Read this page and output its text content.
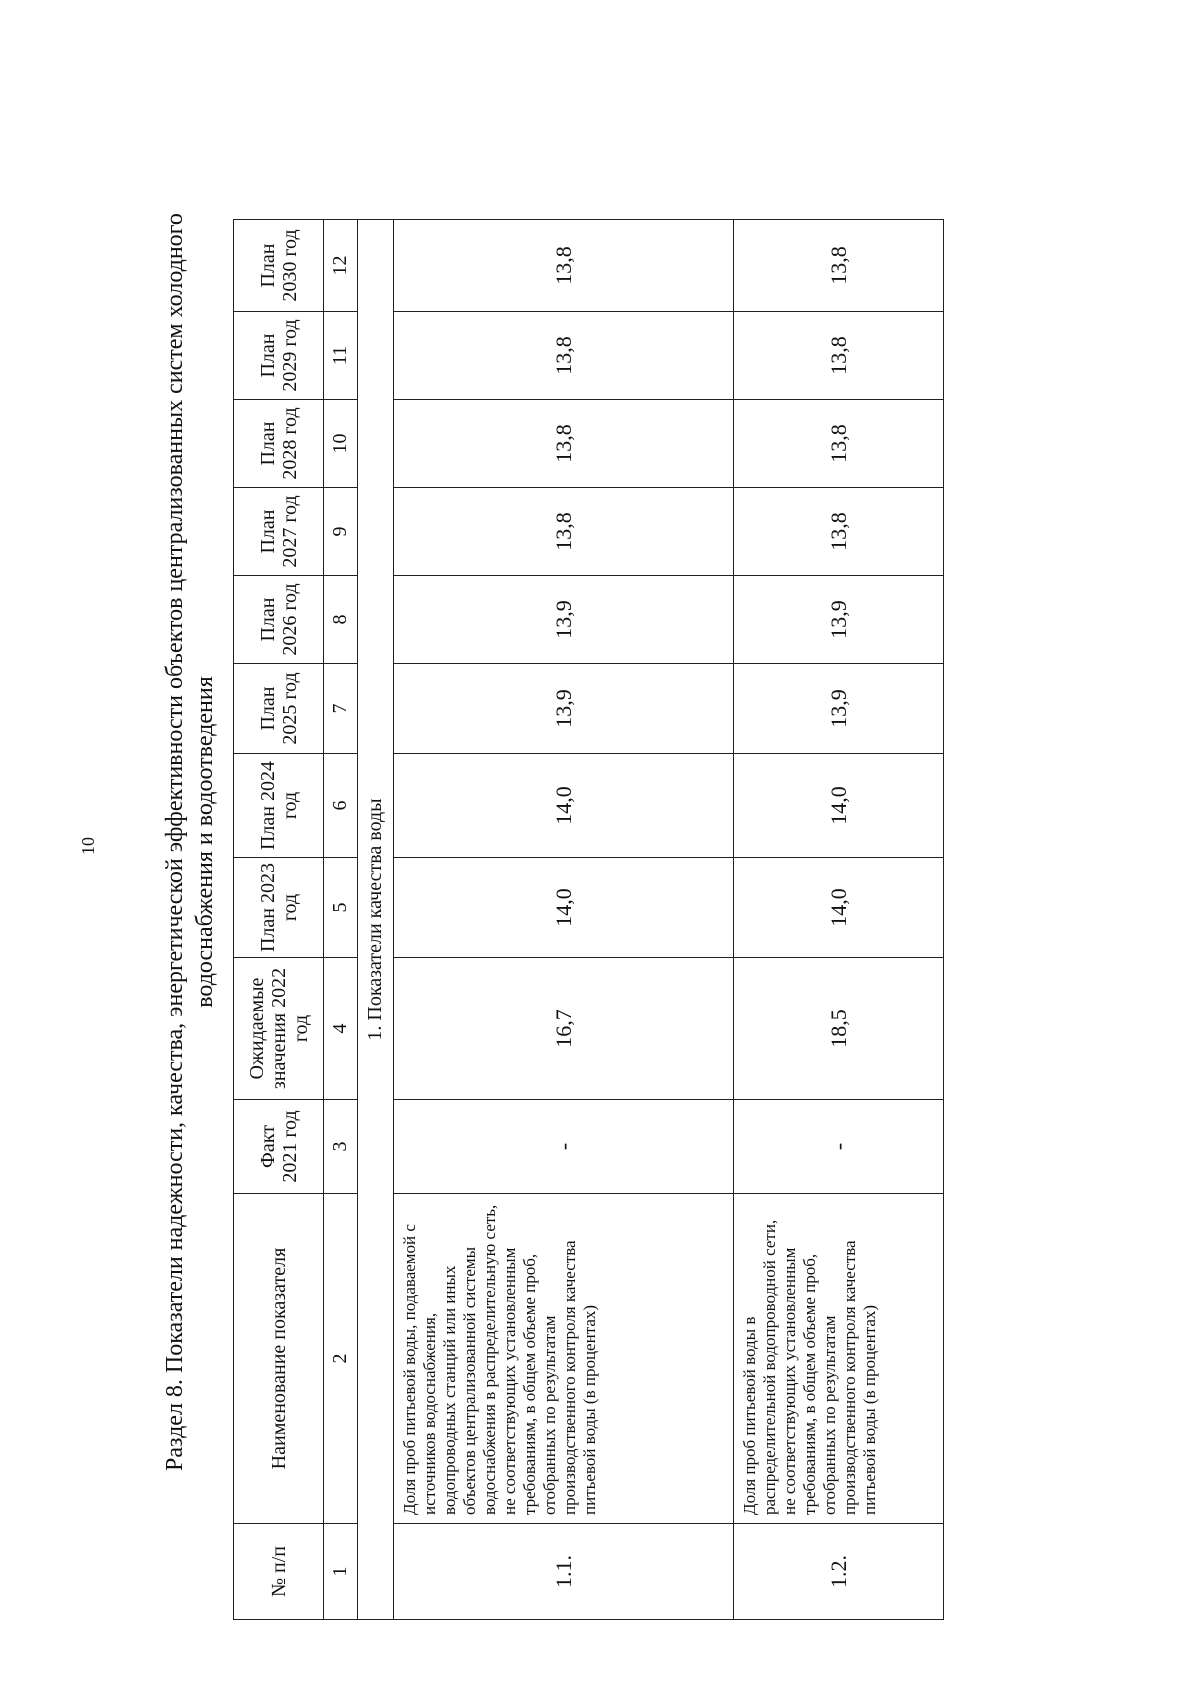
10	Раздел 8. Показатели надежности, качества, энергетической эффективности объектов централизованных систем холодного водоснабжения и водоотведения
№ п/п	Наименование показателя	Факт 2021 год	Ожидаемые значения 2022 год	План 2023 год	План 2024 год	План 2025 год	План 2026 год	План 2027 год	План 2028 год	План 2029 год	План 2030 год
1	2	3	4	5	6	7	8	9	10	11	12
1. Показатели качества воды											
1.1.	Доля проб питьевой воды, подаваемой с источников водоснабжения, водопроводных станций или иных объектов централизованной системы водоснабжения в распределительную сеть, не соответствующих установленным требованиям, в общем объеме проб, отобранных по результатам производственного контроля качества питьевой воды (в процентах)	-	16,7	14,0	14,0	13,9	13,9	13,8	13,8	13,8	13,8
1.2.	Доля проб питьевой воды в распределительной водопроводной сети, не соответствующих установленным требованиям, в общем объеме проб, отобранных по результатам производственного контроля качества питьевой воды (в процентах)	-	18,5	14,0	14,0	13,9	13,9	13,8	13,8	13,8	13,8
